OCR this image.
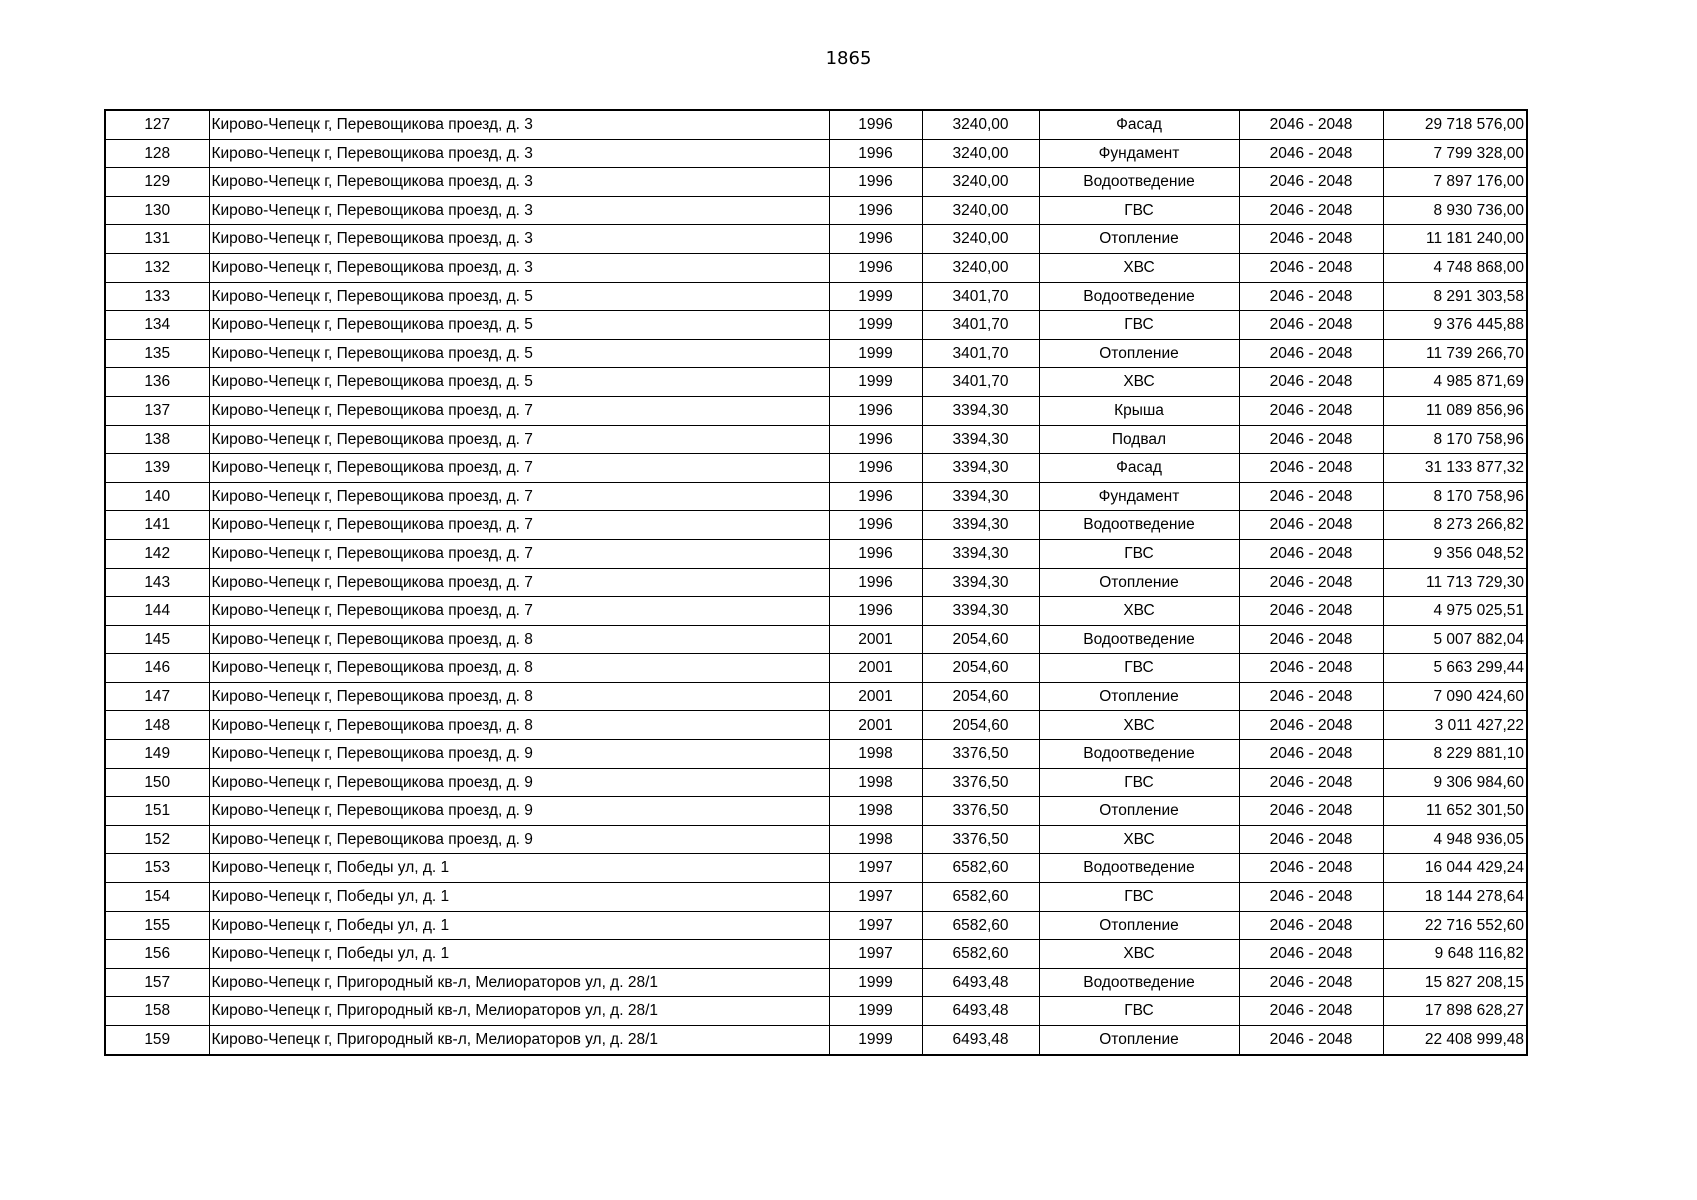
1865
127	Кирово-Чепецк г, Перевощикова проезд, д. 3	1996	3240,00	Фасад	2046 - 2048	29 718 576,00
128	Кирово-Чепецк г, Перевощикова проезд, д. 3	1996	3240,00	Фундамент	2046 - 2048	7 799 328,00
129	Кирово-Чепецк г, Перевощикова проезд, д. 3	1996	3240,00	Водоотведение	2046 - 2048	7 897 176,00
130	Кирово-Чепецк г, Перевощикова проезд, д. 3	1996	3240,00	ГВС	2046 - 2048	8 930 736,00
131	Кирово-Чепецк г, Перевощикова проезд, д. 3	1996	3240,00	Отопление	2046 - 2048	11 181 240,00
132	Кирово-Чепецк г, Перевощикова проезд, д. 3	1996	3240,00	ХВС	2046 - 2048	4 748 868,00
133	Кирово-Чепецк г, Перевощикова проезд, д. 5	1999	3401,70	Водоотведение	2046 - 2048	8 291 303,58
134	Кирово-Чепецк г, Перевощикова проезд, д. 5	1999	3401,70	ГВС	2046 - 2048	9 376 445,88
135	Кирово-Чепецк г, Перевощикова проезд, д. 5	1999	3401,70	Отопление	2046 - 2048	11 739 266,70
136	Кирово-Чепецк г, Перевощикова проезд, д. 5	1999	3401,70	ХВС	2046 - 2048	4 985 871,69
137	Кирово-Чепецк г, Перевощикова проезд, д. 7	1996	3394,30	Крыша	2046 - 2048	11 089 856,96
138	Кирово-Чепецк г, Перевощикова проезд, д. 7	1996	3394,30	Подвал	2046 - 2048	8 170 758,96
139	Кирово-Чепецк г, Перевощикова проезд, д. 7	1996	3394,30	Фасад	2046 - 2048	31 133 877,32
140	Кирово-Чепецк г, Перевощикова проезд, д. 7	1996	3394,30	Фундамент	2046 - 2048	8 170 758,96
141	Кирово-Чепецк г, Перевощикова проезд, д. 7	1996	3394,30	Водоотведение	2046 - 2048	8 273 266,82
142	Кирово-Чепецк г, Перевощикова проезд, д. 7	1996	3394,30	ГВС	2046 - 2048	9 356 048,52
143	Кирово-Чепецк г, Перевощикова проезд, д. 7	1996	3394,30	Отопление	2046 - 2048	11 713 729,30
144	Кирово-Чепецк г, Перевощикова проезд, д. 7	1996	3394,30	ХВС	2046 - 2048	4 975 025,51
145	Кирово-Чепецк г, Перевощикова проезд, д. 8	2001	2054,60	Водоотведение	2046 - 2048	5 007 882,04
146	Кирово-Чепецк г, Перевощикова проезд, д. 8	2001	2054,60	ГВС	2046 - 2048	5 663 299,44
147	Кирово-Чепецк г, Перевощикова проезд, д. 8	2001	2054,60	Отопление	2046 - 2048	7 090 424,60
148	Кирово-Чепецк г, Перевощикова проезд, д. 8	2001	2054,60	ХВС	2046 - 2048	3 011 427,22
149	Кирово-Чепецк г, Перевощикова проезд, д. 9	1998	3376,50	Водоотведение	2046 - 2048	8 229 881,10
150	Кирово-Чепецк г, Перевощикова проезд, д. 9	1998	3376,50	ГВС	2046 - 2048	9 306 984,60
151	Кирово-Чепецк г, Перевощикова проезд, д. 9	1998	3376,50	Отопление	2046 - 2048	11 652 301,50
152	Кирово-Чепецк г, Перевощикова проезд, д. 9	1998	3376,50	ХВС	2046 - 2048	4 948 936,05
153	Кирово-Чепецк г, Победы ул, д. 1	1997	6582,60	Водоотведение	2046 - 2048	16 044 429,24
154	Кирово-Чепецк г, Победы ул, д. 1	1997	6582,60	ГВС	2046 - 2048	18 144 278,64
155	Кирово-Чепецк г, Победы ул, д. 1	1997	6582,60	Отопление	2046 - 2048	22 716 552,60
156	Кирово-Чепецк г, Победы ул, д. 1	1997	6582,60	ХВС	2046 - 2048	9 648 116,82
157	Кирово-Чепецк г, Пригородный кв-л, Мелиораторов ул, д. 28/1	1999	6493,48	Водоотведение	2046 - 2048	15 827 208,15
158	Кирово-Чепецк г, Пригородный кв-л, Мелиораторов ул, д. 28/1	1999	6493,48	ГВС	2046 - 2048	17 898 628,27
159	Кирово-Чепецк г, Пригородный кв-л, Мелиораторов ул, д. 28/1	1999	6493,48	Отопление	2046 - 2048	22 408 999,48
